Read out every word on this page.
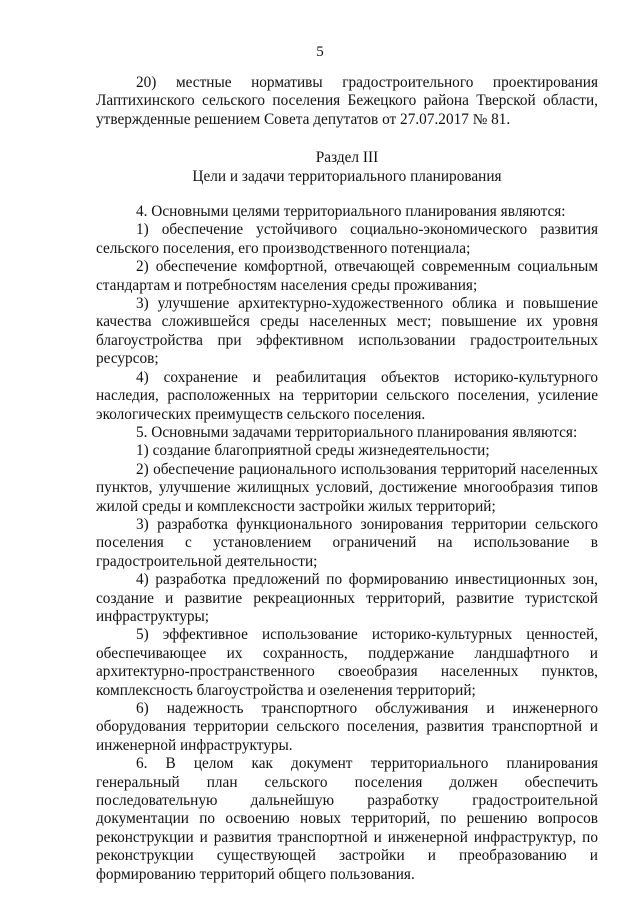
5

20) местные нормативы градостроительного проектирования Лаптихинского сельского поселения Бежецкого района Тверской области, утвержденные решением Совета депутатов от 27.07.2017 № 81.

Раздел III

Цели и задачи территориального планирования

4. Основными целями территориального планирования являются:

1) обеспечение устойчивого социально-экономического развития сельского поселения, его производственного потенциала;

2) обеспечение комфортной, отвечающей современным социальным стандартам и потребностям населения среды проживания;

3) улучшение архитектурно-художественного облика и повышение качества сложившейся среды населенных мест; повышение их уровня благоустройства при эффективном использовании градостроительных ресурсов;

4) сохранение и реабилитация объектов историко-культурного наследия, расположенных на территории сельского поселения, усиление экологических преимуществ сельского поселения.

5. Основными задачами территориального планирования являются:

1) создание благоприятной среды жизнедеятельности;

2) обеспечение рационального использования территорий населенных пунктов, улучшение жилищных условий, достижение многообразия типов жилой среды и комплексности застройки жилых территорий;

3) разработка функционального зонирования территории сельского поселения с установлением ограничений на использование в градостроительной деятельности;

4) разработка предложений по формированию инвестиционных зон, создание и развитие рекреационных территорий, развитие туристской инфраструктуры;

5) эффективное использование историко-культурных ценностей, обеспечивающее их сохранность, поддержание ландшафтного и архитектурно-пространственного своеобразия населенных пунктов, комплексность благоустройства и озеленения территорий;

6) надежность транспортного обслуживания и инженерного оборудования территории сельского поселения, развития транспортной и инженерной инфраструктуры.

6. В целом как документ территориального планирования генеральный план сельского поселения должен обеспечить последовательную дальнейшую разработку градостроительной документации по освоению новых территорий, по решению вопросов реконструкции и развития транспортной и инженерной инфраструктур, по реконструкции существующей застройки и преобразованию и формированию территорий общего пользования.
